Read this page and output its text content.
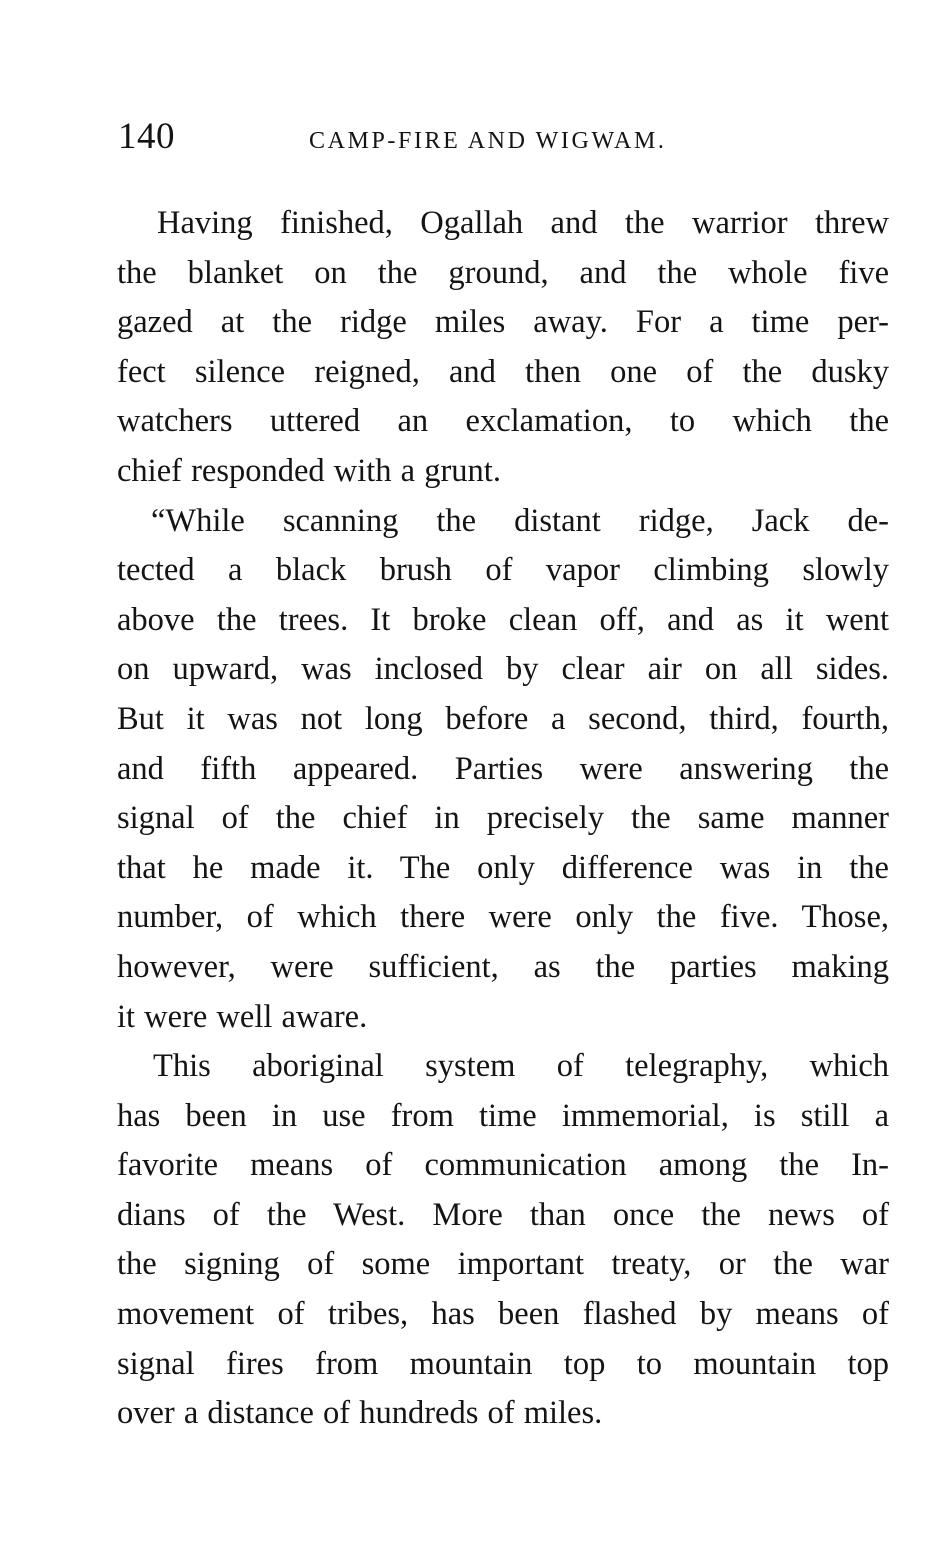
140	CAMP-FIRE AND WIGWAM.

Having finished, Ogallah and the warrior threw
the blanket on the ground, and the whole five
gazed at the ridge miles away. For a time per-
fect silence reigned, and then one of the dusky
watchers uttered an exclamation, to which the
chief responded with a grunt.

“While scanning the distant ridge, Jack de-
tected a black brush of vapor climbing slowly
above the trees. It broke clean off, and as it went
on upward, was inclosed by clear air on all sides.
But it was not long before a second, third, fourth,
and fifth appeared. Parties were answering the
signal of the chief in precisely the same manner
that he made it. The only difference was in the
number, of which there were only the five. Those,
however, were sufficient, as the parties making
it were well aware.

This aboriginal system of telegraphy, which
has been in use from time immemorial, is still a
favorite means of communication among the In-
dians of the West. More than once the news of
the signing of some important treaty, or the war
movement of tribes, has been flashed by means of
signal fires from mountain top to mountain top
over a distance of hundreds of miles.
